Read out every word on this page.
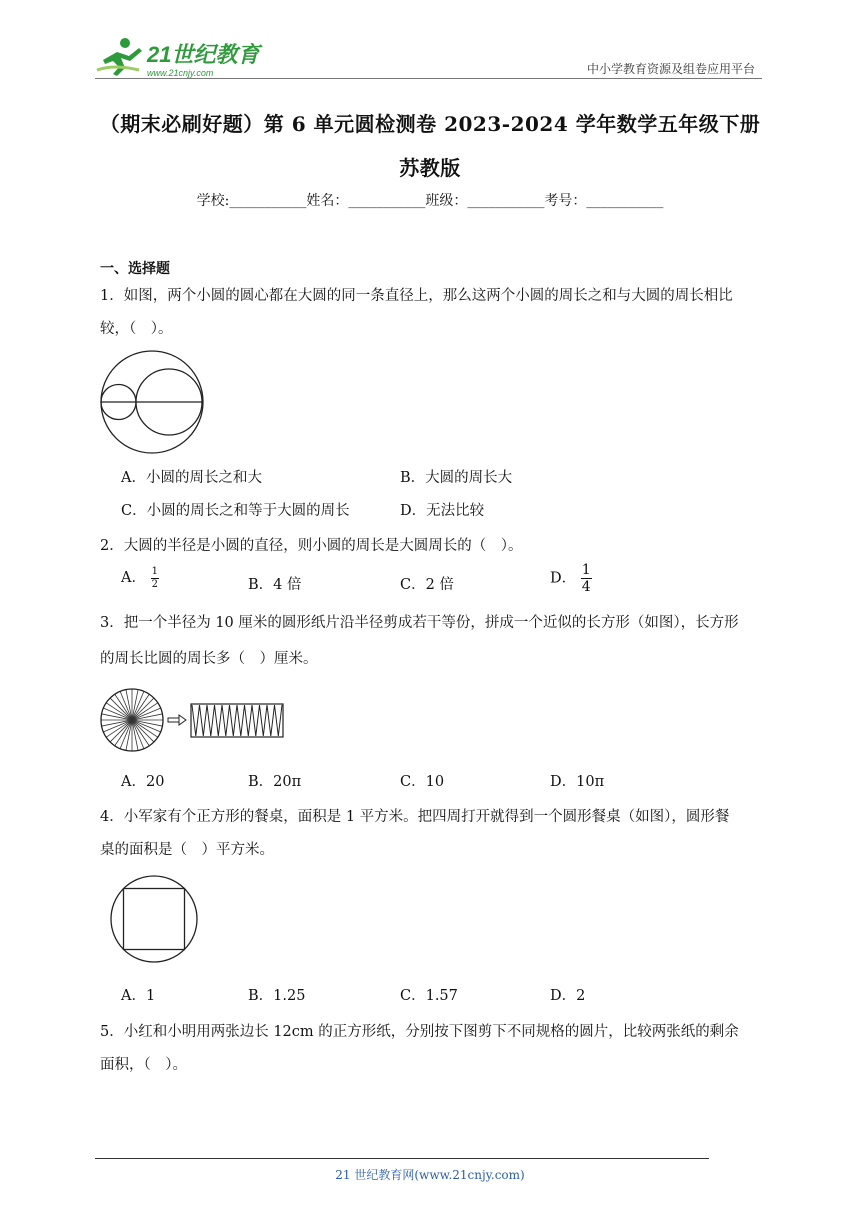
21世纪教育
www.21cnjy.com	中小学教育资源及组卷应用平台
（期末必刷好题）第 6 单元圆检测卷 2023-2024 学年数学五年级下册
苏教版
学校:___________姓名：___________班级：___________考号：___________
一、选择题
1．如图，两个小圆的圆心都在大圆的同一条直径上，那么这两个小圆的周长之和与大圆的周长相比
较，（　）。
A．小圆的周长之和大	B．大圆的周长大
C．小圆的周长之和等于大圆的周长	D．无法比较
2．大圆的半径是小圆的直径，则小圆的周长是大圆周长的（　）。
A． $\frac{1}{2}$	B．4 倍	C．2 倍	D． $\frac{1}{4}$
3．把一个半径为 10 厘米的圆形纸片沿半径剪成若干等份，拼成一个近似的长方形（如图），长方形
的周长比圆的周长多（　）厘米。
A．20	B．20π	C．10	D．10π
4．小军家有个正方形的餐桌，面积是 1 平方米。把四周打开就得到一个圆形餐桌（如图），圆形餐
桌的面积是（　）平方米。
A．1	B．1.25	C．1.57	D．2
5．小红和小明用两张边长 12cm 的正方形纸，分别按下图剪下不同规格的圆片，比较两张纸的剩余
面积，（　）。
21 世纪教育网(www.21cnjy.com)
